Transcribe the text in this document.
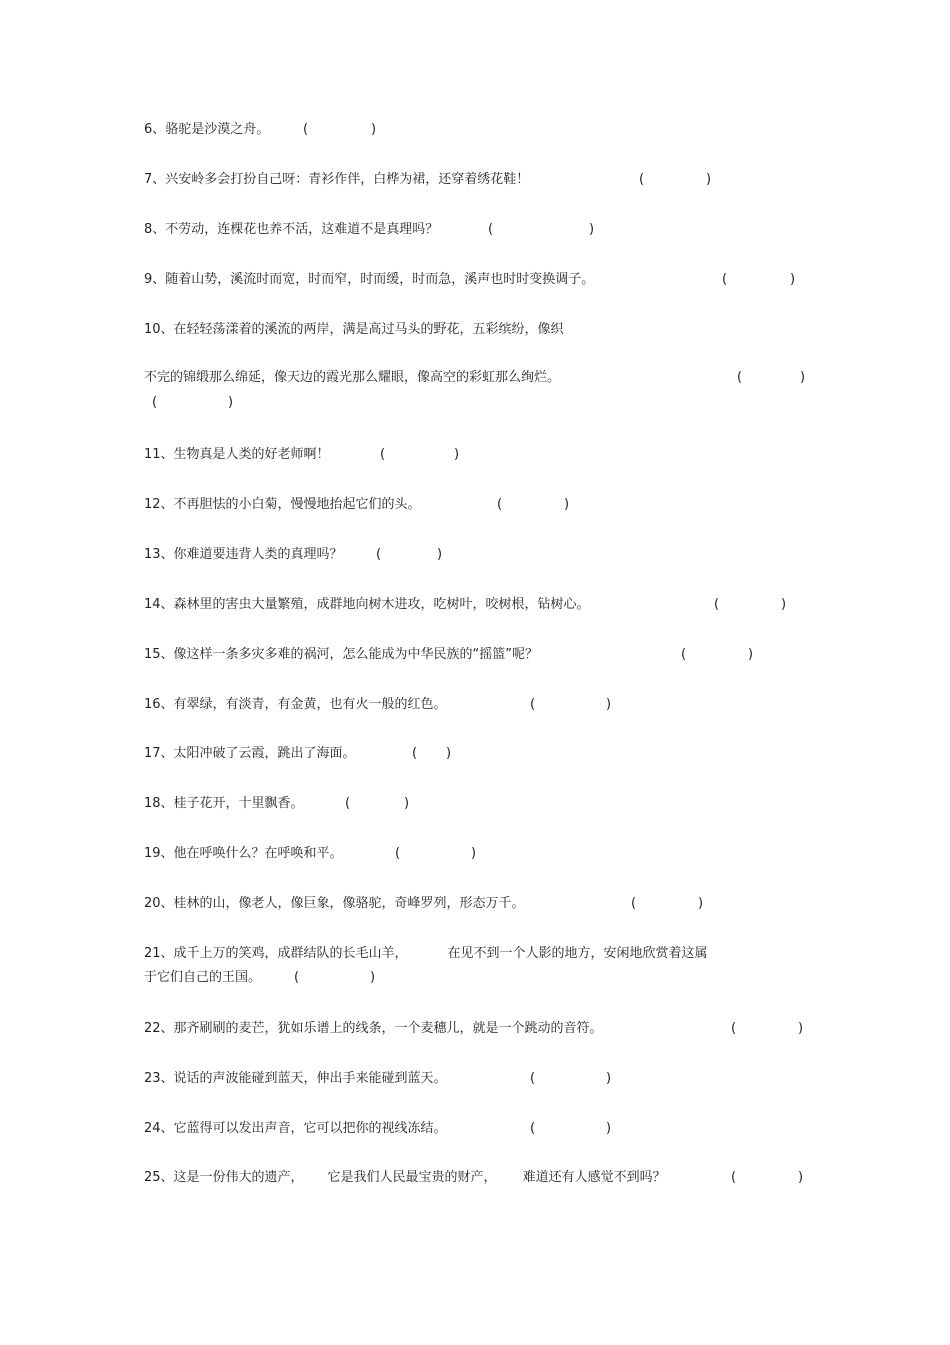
6、骆驼是沙漠之舟。	(	)
7、兴安岭多会打扮自己呀：青衫作伴，白桦为裙，还穿着绣花鞋！	(	)
8、不劳动，连棵花也养不活，这难道不是真理吗？	(	)
9、随着山势，溪流时而宽，时而窄，时而缓，时而急，溪声也时时变换调子。	(	)
10、在轻轻荡漾着的溪流的两岸，满是高过马头的野花，五彩缤纷，像织
不完的锦缎那么绵延，像天边的霞光那么耀眼，像高空的彩虹那么绚烂。	(	)
(	)
11、生物真是人类的好老师啊！	(	)
12、不再胆怯的小白菊，慢慢地抬起它们的头。	(	)
13、你难道要违背人类的真理吗？	(	)
14、森林里的害虫大量繁殖，成群地向树木进攻，吃树叶，咬树根，钻树心。	(	)
15、像这样一条多灾多难的祸河，怎么能成为中华民族的“摇篮”呢？	(	)
16、有翠绿，有淡青，有金黄，也有火一般的红色。	(	)
17、太阳冲破了云霞，跳出了海面。	( )
18、桂子花开，十里飘香。	(	)
19、他在呼唤什么？在呼唤和平。	(	)
20、桂林的山，像老人，像巨象，像骆驼，奇峰罗列，形态万千。	(	)
21、成千上万的笑鸡，成群结队的长毛山羊，	在见不到一个人影的地方，安闲地欣赏着这属
于它们自己的王国。	(	)
22、那齐刷刷的麦芒，犹如乐谱上的线条，一个麦穗儿，就是一个跳动的音符。	(	)
23、说话的声波能碰到蓝天，伸出手来能碰到蓝天。	(	)
24、它蓝得可以发出声音，它可以把你的视线冻结。	(	)
25、这是一份伟大的遗产， 它是我们人民最宝贵的财产， 难道还有人感觉不到吗？	(	)
